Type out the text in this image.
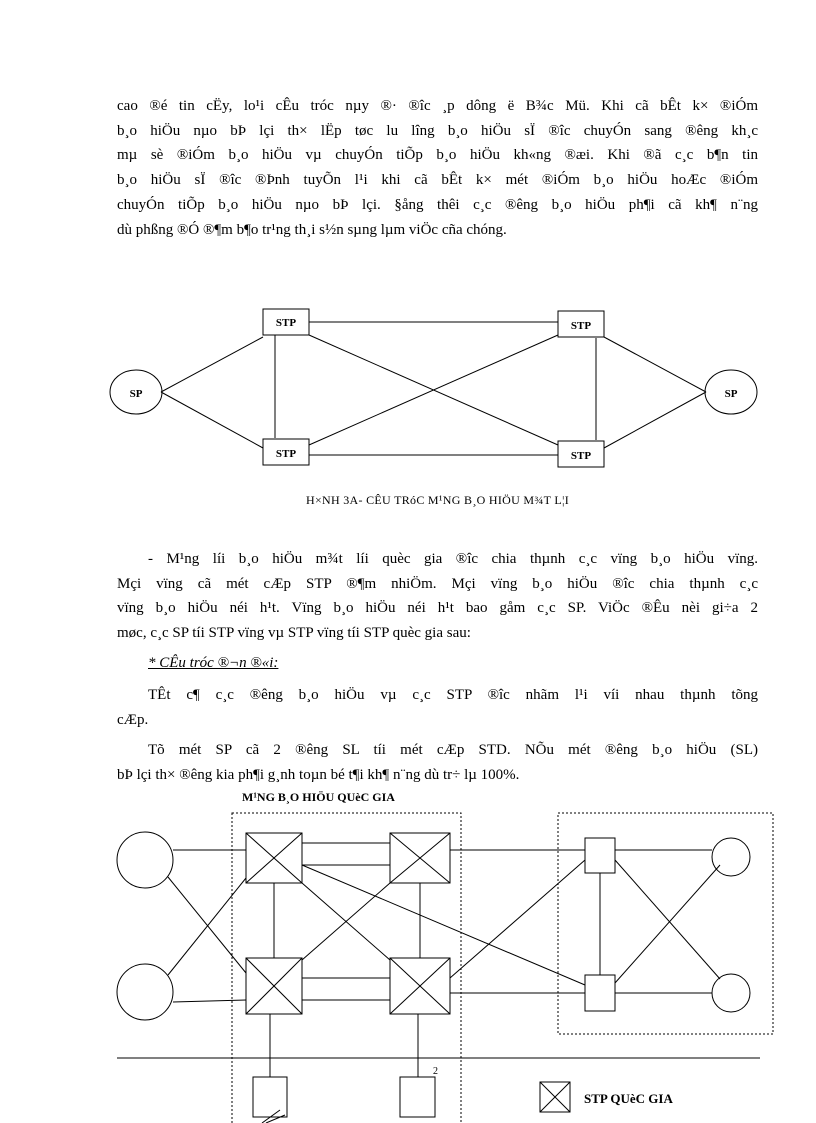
cao ®é tin cËy, lo¹i cÊu tróc nµy ®· ®îc ¸p dông ë B¾c Mü. Khi cã bÊt k× ®iÓm
b¸o hiÖu nµo bÞ lçi th× lËp tøc lu lîng b¸o hiÖu sÏ ®îc chuyÓn sang ®êng kh¸c
mµ sè ®iÓm b¸o hiÖu vµ chuyÓn tiÕp b¸o hiÖu kh«ng ®æi. Khi ®ã c¸c b¶n tin
b¸o hiÖu sÏ ®îc ®Þnh tuyÕn l¹i khi cã bÊt k× mét ®iÓm b¸o hiÖu hoÆc ®iÓm
chuyÓn tiÕp b¸o hiÖu nµo bÞ lçi. §ång thêi c¸c ®êng b¸o hiÖu ph¶i cã kh¶ n¨ng
dù phßng ®Ó ®¶m b¶o tr¹ng th¸i s½n sµng lµm viÖc cña chóng.
STP
STP
STP
STP
SP	SP
H×NH 3A- CÊU TRóC M¹NG B¸O HIÖU M¾T L¦I
- M¹ng líi b¸o hiÖu m¾t líi quèc gia ®îc chia thµnh c¸c vïng b¸o hiÖu vïng.
Mçi vïng cã mét cÆp STP ®¶m nhiÖm. Mçi vïng b¸o hiÖu ®îc chia thµnh c¸c
vïng b¸o hiÖu néi h¹t. Vïng b¸o hiÖu néi h¹t bao gåm c¸c SP. ViÖc ®Êu nèi gi÷a 2
møc, c¸c SP tíi STP vïng vµ STP vïng tíi STP quèc gia sau:
* CÊu tróc ®¬n ®«i:
TÊt c¶ c¸c ®êng b¸o hiÖu vµ c¸c STP ®îc nhãm l¹i víi nhau thµnh tõng
cÆp.
Tõ mét SP cã 2 ®êng SL tíi mét cÆp STD. NÕu mét ®êng b¸o hiÖu (SL)
bÞ lçi th× ®êng kia ph¶i g¸nh toµn bé t¶i kh¶ n¨ng dù tr÷ lµ 100%.
M¹NG B¸O HIÖU QUèC GIA
2
STP QUèC GIA
